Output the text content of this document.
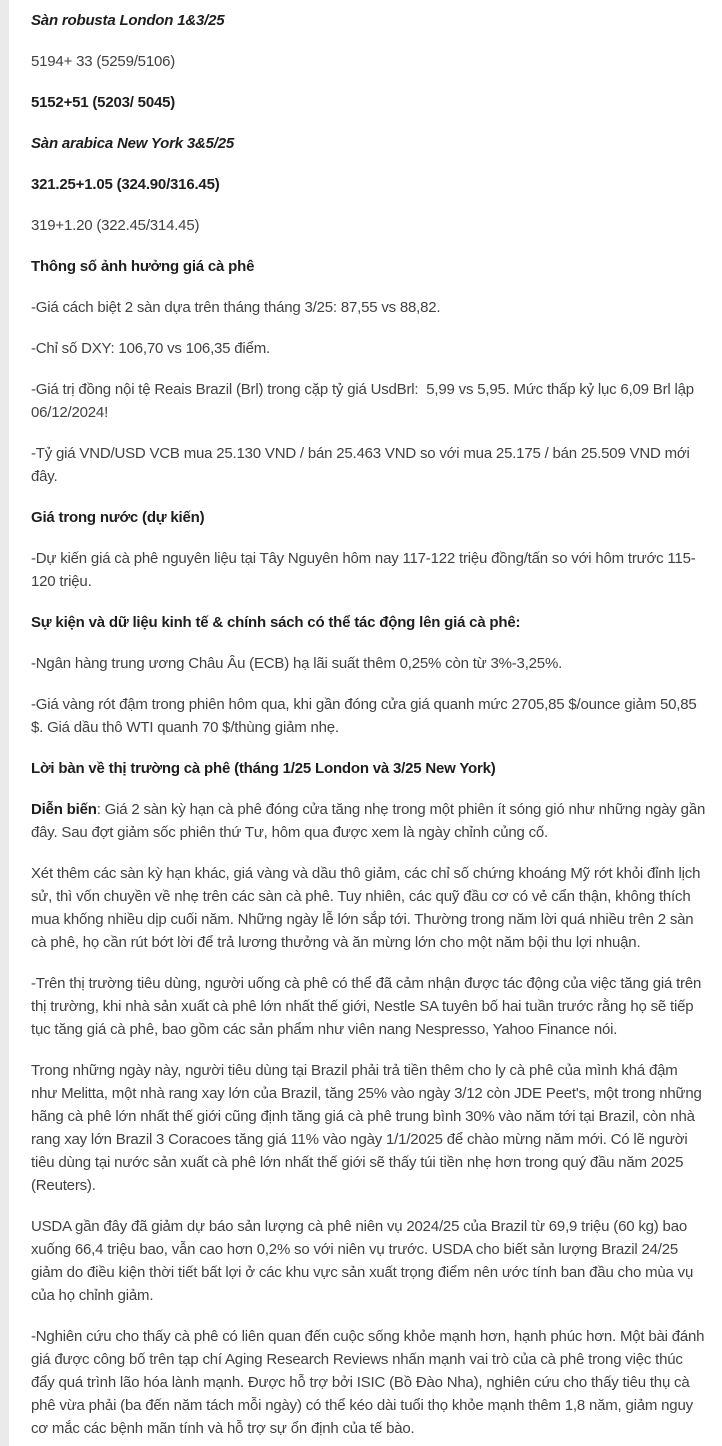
Sàn robusta London 1&3/25

5194+ 33 (5259/5106)

5152+51 (5203/ 5045)

Sàn arabica New York 3&5/25

321.25+1.05 (324.90/316.45)

319+1.20 (322.45/314.45)

Thông số ảnh hưởng giá cà phê

-Giá cách biệt 2 sàn dựa trên tháng tháng 3/25: 87,55 vs 88,82.

-Chỉ số DXY: 106,70 vs 106,35 điểm.

-Giá trị đồng nội tệ Reais Brazil (Brl) trong cặp tỷ giá UsdBrl:  5,99 vs 5,95. Mức thấp kỷ lục 6,09 Brl lập 06/12/2024!

-Tỷ giá VND/USD VCB mua 25.130 VND / bán 25.463 VND so với mua 25.175 / bán 25.509 VND mới đây.

Giá trong nước (dự kiến)

-Dự kiến giá cà phê nguyên liệu tại Tây Nguyên hôm nay 117-122 triệu đồng/tấn so với hôm trước 115-120 triệu.

Sự kiện và dữ liệu kinh tế & chính sách có thể tác động lên giá cà phê:

-Ngân hàng trung ương Châu Âu (ECB) hạ lãi suất thêm 0,25% còn từ 3%-3,25%.

-Giá vàng rót đậm trong phiên hôm qua, khi gần đóng cửa giá quanh mức 2705,85 $/ounce giảm 50,85 $. Giá dầu thô WTI quanh 70 $/thùng giảm nhẹ.

Lời bàn về thị trường cà phê (tháng 1/25 London và 3/25 New York)

Diễn biến: Giá 2 sàn kỳ hạn cà phê đóng cửa tăng nhẹ trong một phiên ít sóng gió như những ngày gần đây. Sau đợt giảm sốc phiên thứ Tư, hôm qua được xem là ngày chỉnh củng cố.

Xét thêm các sàn kỳ hạn khác, giá vàng và dầu thô giảm, các chỉ số chứng khoáng Mỹ rớt khỏi đỉnh lịch sử, thì vốn chuyền về nhẹ trên các sàn cà phê. Tuy nhiên, các quỹ đầu cơ có vẻ cẩn thận, không thích mua khống nhiều dịp cuối năm. Những ngày lễ lớn sắp tới. Thường trong năm lời quá nhiều trên 2 sàn cà phê, họ cần rút bớt lời để trả lương thưởng và ăn mừng lớn cho một năm bội thu lợi nhuận.

-Trên thị trường tiêu dùng, người uống cà phê có thể đã cảm nhận được tác động của việc tăng giá trên thị trường, khi nhà sản xuất cà phê lớn nhất thế giới, Nestle SA tuyên bố hai tuần trước rằng họ sẽ tiếp tục tăng giá cà phê, bao gồm các sản phẩm như viên nang Nespresso, Yahoo Finance nói.

Trong những ngày này, người tiêu dùng tại Brazil phải trả tiền thêm cho ly cà phê của mình khá đậm như Melitta, một nhà rang xay lớn của Brazil, tăng 25% vào ngày 3/12 còn JDE Peet's, một trong những hãng cà phê lớn nhất thế giới cũng định tăng giá cà phê trung bình 30% vào năm tới tại Brazil, còn nhà rang xay lớn Brazil 3 Coracoes tăng giá 11% vào ngày 1/1/2025 để chào mừng năm mới. Có lẽ người tiêu dùng tại nước sản xuất cà phê lớn nhất thế giới sẽ thấy túi tiền nhẹ hơn trong quý đầu năm 2025 (Reuters).

USDA gần đây đã giảm dự báo sản lượng cà phê niên vụ 2024/25 của Brazil từ 69,9 triệu (60 kg) bao xuống 66,4 triệu bao, vẫn cao hơn 0,2% so với niên vụ trước. USDA cho biết sản lượng Brazil 24/25 giảm do điều kiện thời tiết bất lợi ở các khu vực sản xuất trọng điểm nên ước tính ban đầu cho mùa vụ của họ chỉnh giảm.

-Nghiên cứu cho thấy cà phê có liên quan đến cuộc sống khỏe mạnh hơn, hạnh phúc hơn. Một bài đánh giá được công bố trên tạp chí Aging Research Reviews nhấn mạnh vai trò của cà phê trong việc thúc đẩy quá trình lão hóa lành mạnh. Được hỗ trợ bởi ISIC (Bồ Đào Nha), nghiên cứu cho thấy tiêu thụ cà phê vừa phải (ba đến năm tách mỗi ngày) có thể kéo dài tuổi thọ khỏe mạnh thêm 1,8 năm, giảm nguy cơ mắc các bệnh mãn tính và hỗ trợ sự ổn định của tế bào.
